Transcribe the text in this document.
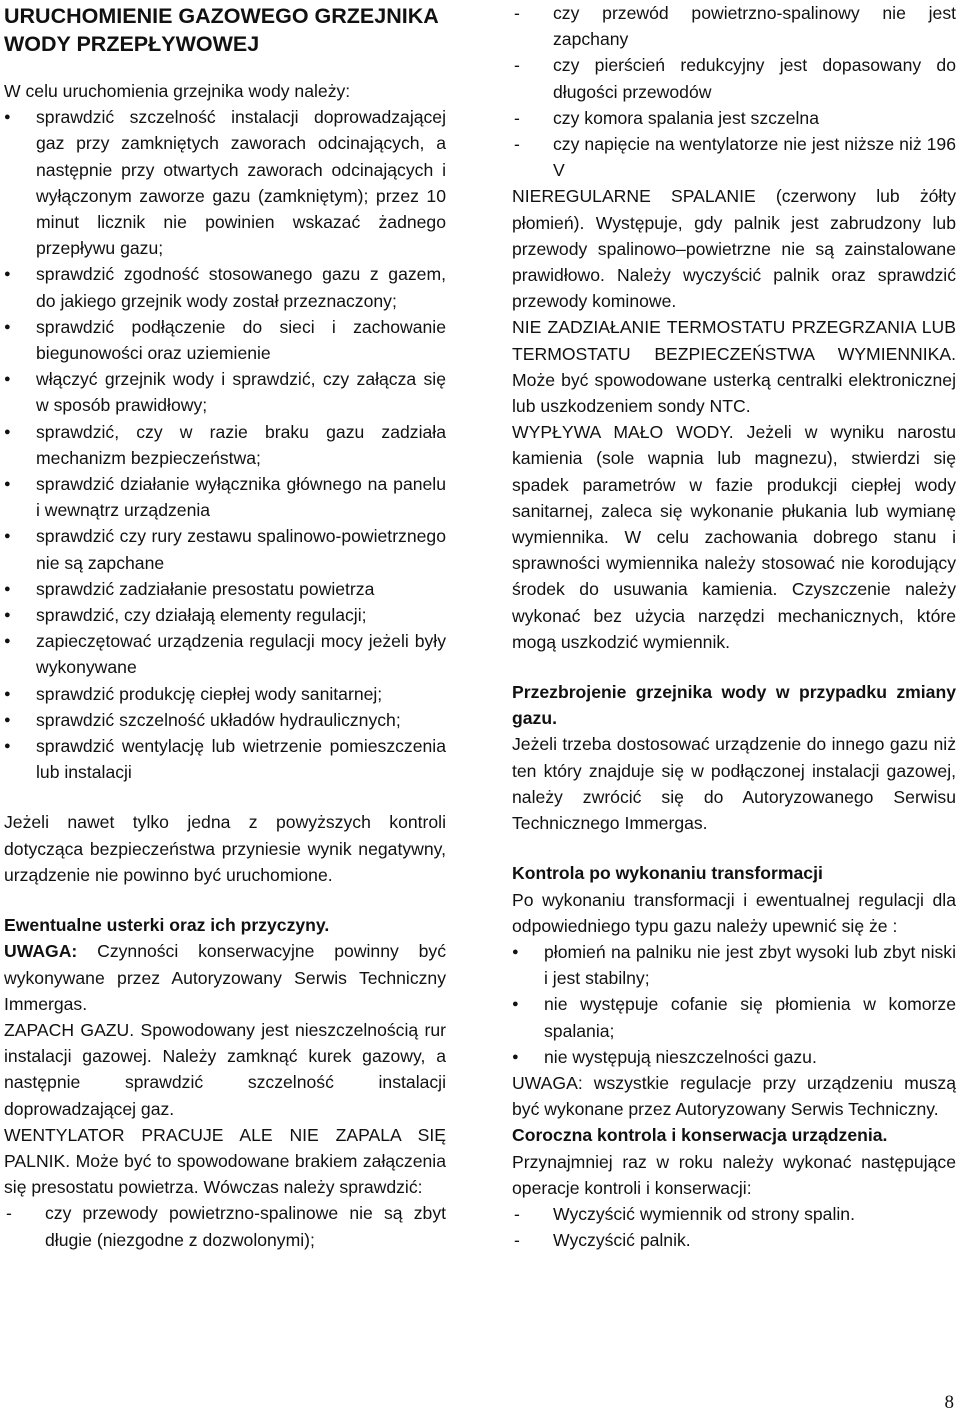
URUCHOMIENIE GAZOWEGO GRZEJNIKA
WODY PRZEPŁYWOWEJ

W celu uruchomienia grzejnika wody należy:

● sprawdzić szczelność instalacji doprowadzającej gaz przy zamkniętych zaworach odcinających, a następnie przy otwartych zaworach odcinających i wyłączonym zaworze gazu (zamkniętym); przez 10 minut licznik nie powinien wskazać żadnego przepływu gazu;
● sprawdzić zgodność stosowanego gazu z gazem, do jakiego grzejnik wody został przeznaczony;
● sprawdzić podłączenie do sieci i zachowanie biegunowości oraz uziemienie
● włączyć grzejnik wody i sprawdzić, czy załącza się w sposób prawidłowy;
● sprawdzić, czy w razie braku gazu zadziała mechanizm bezpieczeństwa;
● sprawdzić działanie wyłącznika głównego na panelu i wewnątrz urządzenia
● sprawdzić czy rury zestawu spalinowo-powietrznego nie są zapchane
● sprawdzić zadziałanie presostatu powietrza
● sprawdzić, czy działają elementy regulacji;
● zapieczętować urządzenia regulacji mocy jeżeli były wykonywane
● sprawdzić produkcję ciepłej wody sanitarnej;
● sprawdzić szczelność układów hydraulicznych;
● sprawdzić wentylację lub wietrzenie pomieszczenia lub instalacji

Jeżeli nawet tylko jedna z powyższych kontroli dotycząca bezpieczeństwa przyniesie wynik negatywny, urządzenie nie powinno być uruchomione.

Ewentualne usterki oraz ich przyczyny.

UWAGA: Czynności konserwacyjne powinny być wykonywane przez Autoryzowany Serwis Techniczny Immergas.

ZAPACH GAZU. Spowodowany jest nieszczelnością rur instalacji gazowej. Należy zamknąć kurek gazowy, a następnie sprawdzić szczelność instalacji doprowadzającej gaz.

WENTYLATOR PRACUJE ALE NIE ZAPALA SIĘ PALNIK. Może być to spowodowane brakiem załączenia się presostatu powietrza. Wówczas należy sprawdzić:

- czy przewody powietrzno-spalinowe nie są zbyt długie (niezgodne z dozwolonymi);
- czy przewód powietrzno-spalinowy nie jest zapchany
- czy pierścień redukcyjny jest dopasowany do długości przewodów
- czy komora spalania jest szczelna
- czy napięcie na wentylatorze nie jest niższe niż 196 V

NIEREGULARNE SPALANIE (czerwony lub żółty płomień). Występuje, gdy palnik jest zabrudzony lub przewody spalinowo–powietrzne nie są zainstalowane prawidłowo. Należy wyczyścić palnik oraz sprawdzić przewody kominowe.

NIE ZADZIAŁANIE TERMOSTATU PRZEGRZANIA LUB TERMOSTATU BEZPIECZEŃSTWA WYMIENNIKA. Może być spowodowane usterką centralki elektronicznej lub uszkodzeniem sondy NTC.

WYPŁYWA MAŁO WODY. Jeżeli w wyniku narostu kamienia (sole wapnia lub magnezu), stwierdzi się spadek parametrów w fazie produkcji ciepłej wody sanitarnej, zaleca się wykonanie płukania lub wymianę wymiennika. W celu zachowania dobrego stanu i sprawności wymiennika należy stosować nie korodujący środek do usuwania kamienia. Czyszczenie należy wykonać bez użycia narzędzi mechanicznych, które mogą uszkodzić wymiennik.

Przezbrojenie grzejnika wody w przypadku zmiany gazu.

Jeżeli trzeba dostosować urządzenie do innego gazu niż ten który znajduje się w podłączonej instalacji gazowej, należy zwrócić się do Autoryzowanego Serwisu Technicznego Immergas.

Kontrola po wykonaniu transformacji

Po wykonaniu transformacji i ewentualnej regulacji dla odpowiedniego typu gazu należy upewnić się że :

● płomień na palniku nie jest zbyt wysoki lub zbyt niski i jest stabilny;
● nie występuje cofanie się płomienia w komorze spalania;
● nie występują nieszczelności gazu.

UWAGA: wszystkie regulacje przy urządzeniu muszą być wykonane przez Autoryzowany Serwis Techniczny.

Coroczna kontrola i konserwacja urządzenia.

Przynajmniej raz w roku należy wykonać następujące operacje kontroli i konserwacji:

- Wyczyścić wymiennik od strony spalin.
- Wyczyścić palnik.
8
